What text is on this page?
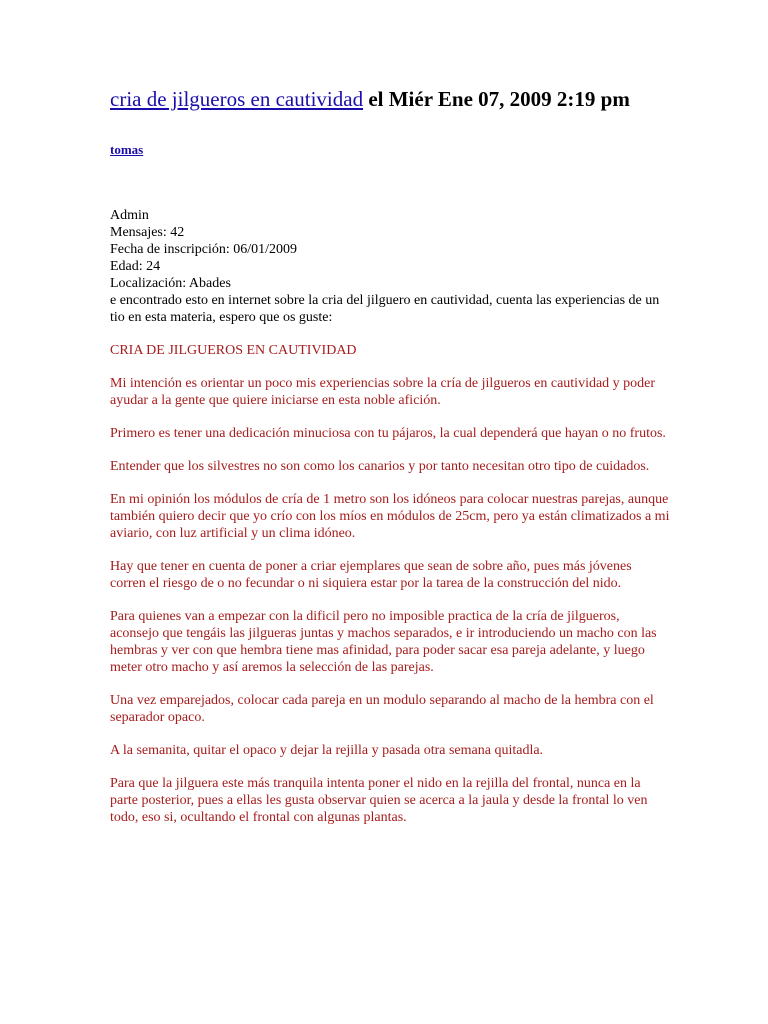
cria de jilgueros en cautividad el Miér Ene 07, 2009 2:19 pm
tomas
Admin
Mensajes: 42
Fecha de inscripción: 06/01/2009
Edad: 24
Localización: Abades

e encontrado esto en internet sobre la cria del jilguero en cautividad, cuenta las experiencias de un tio en esta materia, espero que os guste:

CRIA DE JILGUEROS EN CAUTIVIDAD

Mi intención es orientar un poco mis experiencias sobre la cría de jilgueros en cautividad y poder ayudar a la gente que quiere iniciarse en esta noble afición.

Primero es tener una dedicación minuciosa con tu pájaros, la cual dependerá que hayan o no frutos.

Entender que los silvestres no son como los canarios y por tanto necesitan otro tipo de cuidados.

En mi opinión los módulos de cría de 1 metro son los idóneos para colocar nuestras parejas, aunque también quiero decir que yo crío con los míos en módulos de 25cm, pero ya están climatizados a mi aviario, con luz artificial y un clima idóneo.

Hay que tener en cuenta de poner a criar ejemplares que sean de sobre año, pues más jóvenes corren el riesgo de o no fecundar o ni siquiera estar por la tarea de la construcción del nido.

Para quienes van a empezar con la dificil pero no imposible practica de la cría de jilgueros, aconsejo que tengáis las jilgueras juntas y machos separados, e ir introduciendo un macho con las hembras y ver con que hembra tiene mas afinidad, para poder sacar esa pareja adelante, y luego meter otro macho y así aremos la selección de las parejas.

Una vez emparejados, colocar cada pareja en un modulo separando al macho de la hembra con el separador opaco.

A la semanita, quitar el opaco y dejar la rejilla y pasada otra semana quitadla.

Para que la jilguera este más tranquila intenta poner el nido en la rejilla del frontal, nunca en la parte posterior, pues a ellas les gusta observar quien se acerca a la jaula y desde la frontal lo ven todo, eso si, ocultando el frontal con algunas plantas.
